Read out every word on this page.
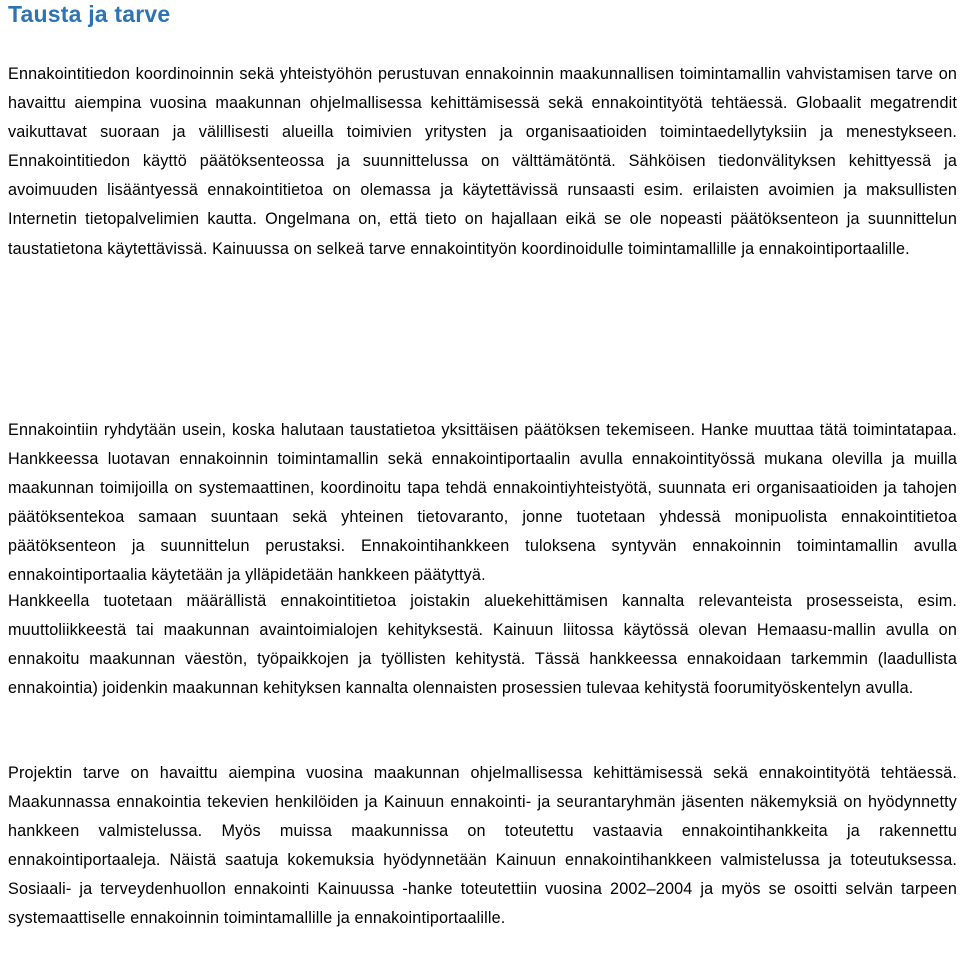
Tausta ja tarve

Ennakointitiedon koordinoinnin sekä yhteistyöhön perustuvan ennakoinnin maakunnallisen toimintamallin vahvistamisen tarve on havaittu aiempina vuosina maakunnan ohjelmallisessa kehittämisessä sekä ennakointityötä tehtäessä. Globaalit megatrendit vaikuttavat suoraan ja välillisesti alueilla toimivien yritysten ja organisaatioiden toimintaedellytyksiin ja menestykseen. Ennakointitiedon käyttö päätöksenteossa ja suunnittelussa on välttämätöntä. Sähköisen tiedonvälityksen kehittyessä ja avoimuuden lisääntyessä ennakointitietoa on olemassa ja käytettävissä runsaasti esim. erilaisten avoimien ja maksullisten Internetin tietopalvelimien kautta. Ongelmana on, että tieto on hajallaan eikä se ole nopeasti päätöksenteon ja suunnittelun taustatietona käytettävissä. Kainuussa on selkeä tarve ennakointityön koordinoidulle toimintamallille ja ennakointiportaalille.

Ennakointiin ryhdytään usein, koska halutaan taustatietoa yksittäisen päätöksen tekemiseen. Hanke muuttaa tätä toimintatapaa. Hankkeessa luotavan ennakoinnin toimintamallin sekä ennakointiportaalin avulla ennakointityössä mukana olevilla ja muilla maakunnan toimijoilla on systemaattinen, koordinoitu tapa tehdä ennakointiyhteistyötä, suunnata eri organisaatioiden ja tahojen päätöksentekoa samaan suuntaan sekä yhteinen tietovaranto, jonne tuotetaan yhdessä monipuolista ennakointitietoa päätöksenteon ja suunnittelun perustaksi. Ennakointihankkeen tuloksena syntyvän ennakoinnin toimintamallin avulla ennakointiportaalia käytetään ja ylläpidetään hankkeen päätyttyä.

Hankkeella tuotetaan määrällistä ennakointitietoa joistakin aluekehittämisen kannalta relevanteista prosesseista, esim. muuttoliikkeestä tai maakunnan avaintoimialojen kehityksestä. Kainuun liitossa käytössä olevan Hemaasu-mallin avulla on ennakoitu maakunnan väestön, työpaikkojen ja työllisten kehitystä. Tässä hankkeessa ennakoidaan tarkemmin (laadullista ennakointia) joidenkin maakunnan kehityksen kannalta olennaisten prosessien tulevaa kehitystä foorumityöskentelyn avulla.

Projektin tarve on havaittu aiempina vuosina maakunnan ohjelmallisessa kehittämisessä sekä ennakointityötä tehtäessä. Maakunnassa ennakointia tekevien henkilöiden ja Kainuun ennakointi- ja seurantaryhmän jäsenten näkemyksiä on hyödynnetty hankkeen valmistelussa. Myös muissa maakunnissa on toteutettu vastaavia ennakointihankkeita ja rakennettu ennakointiportaaleja. Näistä saatuja kokemuksia hyödynnetään Kainuun ennakointihankkeen valmistelussa ja toteutuksessa. Sosiaali- ja terveydenhuollon ennakointi Kainuussa -hanke toteutettiin vuosina 2002–2004 ja myös se osoitti selvän tarpeen systemaattiselle ennakoinnin toimintamallille ja ennakointiportaalille.
